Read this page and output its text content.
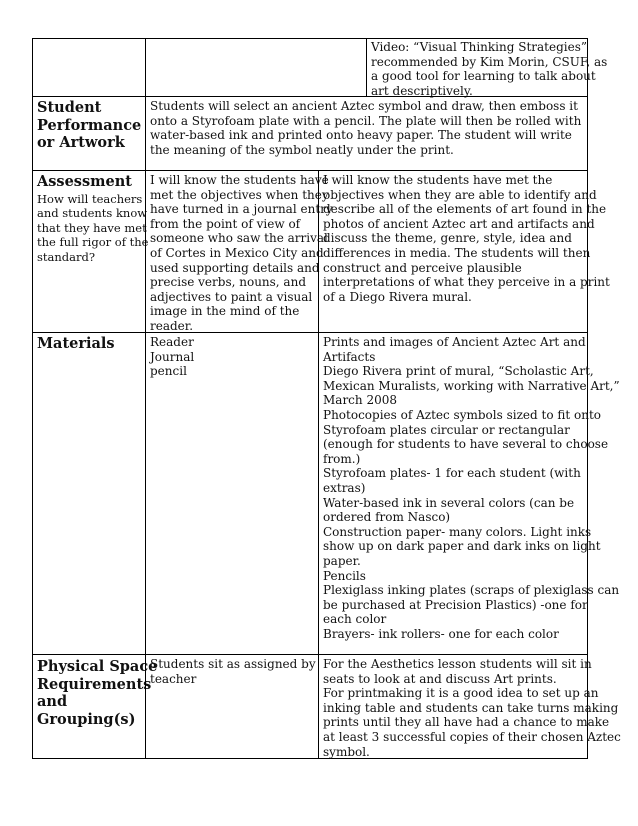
Video: “Visual Thinking Strategies”
recommended by Kim Morin, CSUF, as
a good tool for learning to talk about
art descriptively.
Student
Performance
or Artwork
Students will select an ancient Aztec symbol and draw, then emboss it onto a Styrofoam plate with a pencil. The plate will then be rolled with water-based ink and printed onto heavy paper. The student will write the meaning of the symbol neatly under the print.
Assessment
How will teachers
and students know
that they have met
the full rigor of the
standard?
I will know the students have
met the objectives when they
have turned in a journal entry
from the point of view of
someone who saw the arrival
of Cortes in Mexico City and
used supporting details and
precise verbs, nouns, and
adjectives to paint a visual
image in the mind of the
reader.
I will know the students have met the
objectives when they are able to identify and
describe all of the elements of art found in the
photos of ancient Aztec art and artifacts and
discuss the theme, genre, style, idea and
differences in media. The students will then
construct and perceive plausible
interpretations of what they perceive in a print
of a Diego Rivera mural.
Materials	Reader
Journal
pencil
Prints and images of Ancient Aztec Art and
Artifacts
Diego Rivera print of mural, “Scholastic Art,
Mexican Muralists, working with Narrative Art,”
March 2008
Photocopies of Aztec symbols sized to fit onto
Styrofoam plates circular or rectangular
(enough for students to have several to choose
from.)
Styrofoam plates- 1 for each student (with
extras)
Water-based ink in several colors (can be
ordered from Nasco)
Construction paper- many colors. Light inks
show up on dark paper and dark inks on light
paper.
Pencils
Plexiglass inking plates (scraps of plexiglass can
be purchased at Precision Plastics) -one for
each color
Brayers- ink rollers- one for each color
Physical Space
Requirements
and
Grouping(s)
Students sit as assigned by
teacher
For the Aesthetics lesson students will sit in
seats to look at and discuss Art prints.
For printmaking it is a good idea to set up an
inking table and students can take turns making
prints until they all have had a chance to make
at least 3 successful copies of their chosen Aztec
symbol.
